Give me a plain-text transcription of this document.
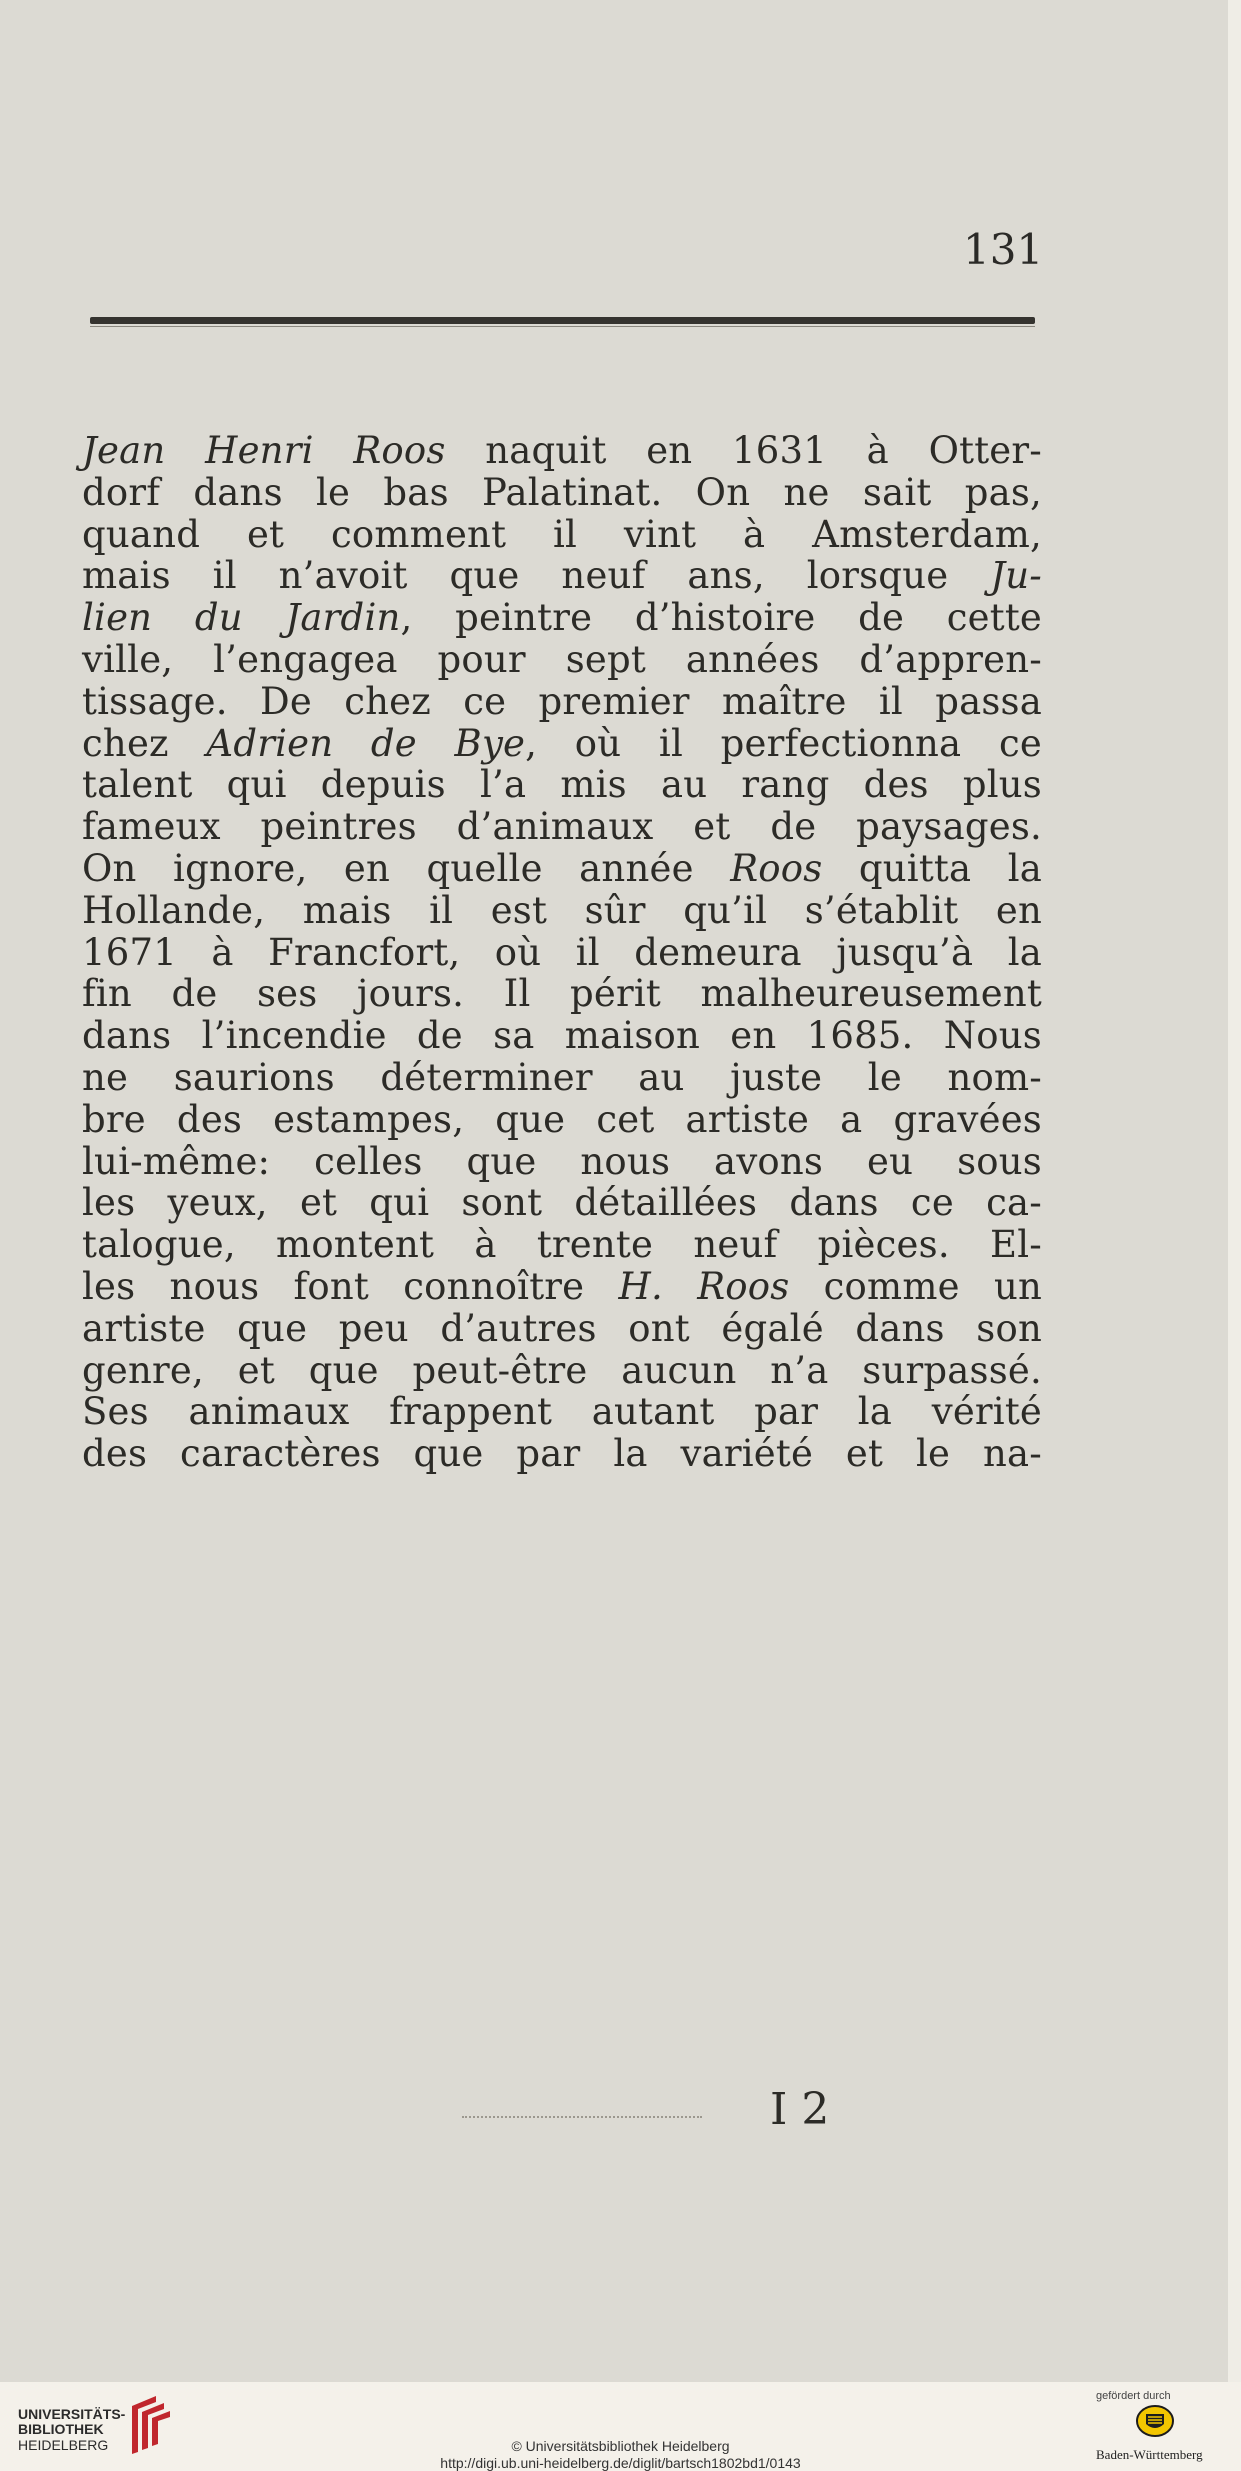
131
Jean Henri Roos naquit en 1631 à Otter-
dorf dans le bas Palatinat. On ne sait pas,
quand et comment il vint à Amsterdam,
mais il n’avoit que neuf ans, lorsque Ju-
lien du Jardin, peintre d’histoire de cette
ville, l’engagea pour sept années d’appren-
tissage. De chez ce premier maître il passa
chez Adrien de Bye, où il perfectionna ce
talent qui depuis l’a mis au rang des plus
fameux peintres d’animaux et de paysages.
On ignore, en quelle année Roos quitta la
Hollande, mais il est sûr qu’il s’établit en
1671 à Francfort, où il demeura jusqu’à la
fin de ses jours. Il périt malheureusement
dans l’incendie de sa maison en 1685. Nous
ne saurions déterminer au juste le nom-
bre des estampes, que cet artiste a gravées
lui-même: celles que nous avons eu sous
les yeux, et qui sont détaillées dans ce ca-
talogue, montent à trente neuf pièces. El-
les nous font connoître H. Roos comme un
artiste que peu d’autres ont égalé dans son
genre, et que peut-être aucun n’a surpassé.
Ses animaux frappent autant par la vérité
des caractères que par la variété et le na-
I 2
UNIVERSITÄTS-
BIBLIOTHEK
HEIDELBERG	© Universitätsbibliothek Heidelberg
http://digi.ub.uni-heidelberg.de/diglit/bartsch1802bd1/0143
gefördert durch
Baden-Württemberg
